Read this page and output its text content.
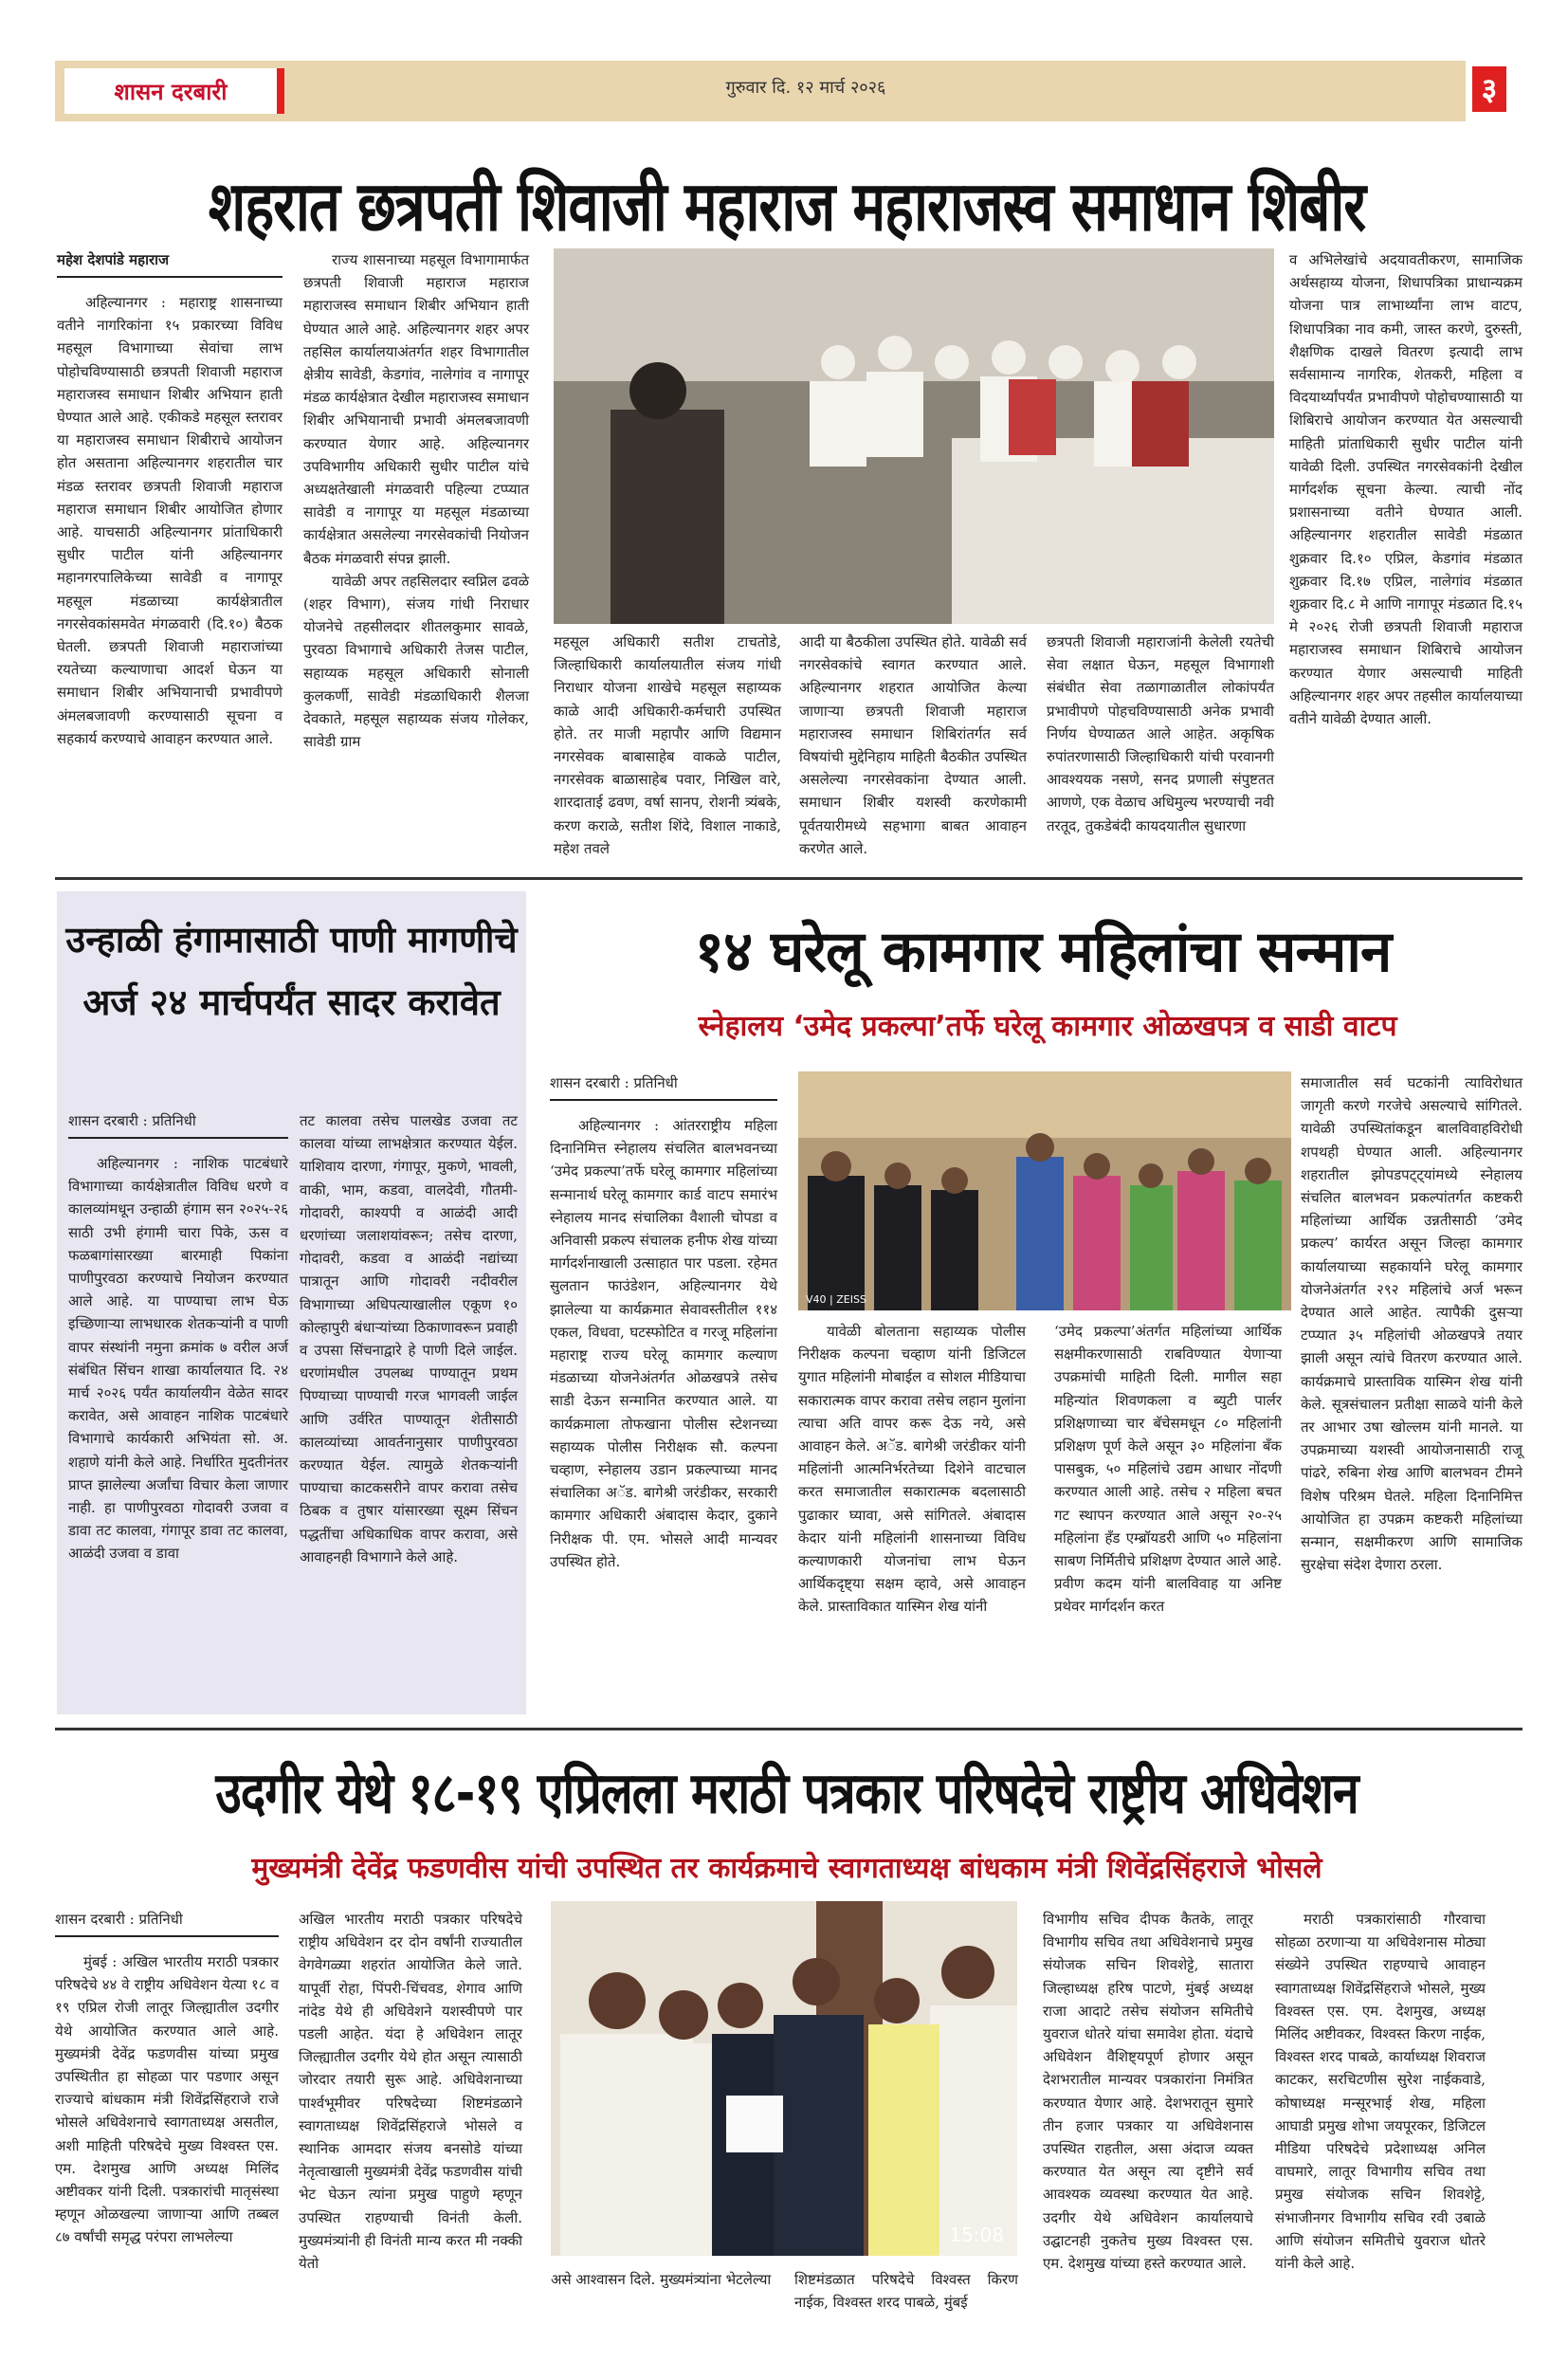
शासन दरबारी	गुरुवार दि. १२ मार्च २०२६	३
शहरात छत्रपती शिवाजी महाराज महाराजस्व समाधान शिबीर
महेश देशपांडे महाराज

अहिल्यानगर : महाराष्ट्र शासनाच्या वतीने नागरिकांना १५ प्रकारच्या विविध महसूल विभागाच्या सेवांचा लाभ पोहोचविण्यासाठी छत्रपती शिवाजी महाराज महाराजस्व समाधान शिबीर अभियान हाती घेण्यात आले आहे. एकीकडे महसूल स्तरावर या महाराजस्व समाधान शिबीराचे आयोजन होत असताना अहिल्यानगर शहरातील चार मंडळ स्तरावर छत्रपती शिवाजी महाराज महाराज समाधान शिबीर आयोजित होणार आहे. याचसाठी अहिल्यानगर प्रांताधिकारी सुधीर पाटील यांनी अहिल्यानगर महानगरपालिकेच्या सावेडी व नागापूर महसूल मंडळाच्या कार्यक्षेत्रातील नगरसेवकांसमवेत मंगळवारी (दि.१०) बैठक घेतली. छत्रपती शिवाजी महाराजांच्या रयतेच्या कल्याणाचा आदर्श घेऊन या समाधान शिबीर अभियानाची प्रभावीपणे अंमलबजावणी करण्यासाठी सूचना व सहकार्य करण्याचे आवाहन करण्यात आले.

राज्य शासनाच्या महसूल विभागामार्फत छत्रपती शिवाजी महाराज महाराज महाराजस्व समाधान शिबीर अभियान हाती घेण्यात आले आहे. अहिल्यानगर शहर अपर तहसिल कार्यालयाअंतर्गत शहर विभागातील क्षेत्रीय सावेडी, केडगांव, नालेगांव व नागापूर मंडळ कार्यक्षेत्रात देखील महाराजस्व समाधान शिबीर अभियानाची प्रभावी अंमलबजावणी करण्यात येणार आहे. अहिल्यानगर उपविभागीय अधिकारी सुधीर पाटील यांचे अध्यक्षतेखाली मंगळवारी पहिल्या टप्प्यात सावेडी व नागापूर या महसूल मंडळाच्या कार्यक्षेत्रात असलेल्या नगरसेवकांची नियोजन बैठक मंगळवारी संपन्न झाली.

यावेळी अपर तहसिलदार स्वप्निल ढवळे (शहर विभाग), संजय गांधी निराधार योजनेचे तहसीलदार शीतलकुमार सावळे, पुरवठा विभागाचे अधिकारी तेजस पाटील, सहाय्यक महसूल अधिकारी सोनाली कुलकर्णी, सावेडी मंडळाधिकारी शैलजा देवकाते, महसूल सहाय्यक संजय गोलेकर, सावेडी ग्राम

महसूल अधिकारी सतीश टाचतोडे, जिल्हाधिकारी कार्यालयातील संजय गांधी निराधार योजना शाखेचे महसूल सहाय्यक काळे आदी अधिकारी-कर्मचारी उपस्थित होते. तर माजी महापौर आणि विद्यमान नगरसेवक बाबासाहेब वाकळे पाटील, नगरसेवक बाळासाहेब पवार, निखिल वारे, शारदाताई ढवण, वर्षा सानप, रोशनी त्र्यंबके, करण कराळे, सतीश शिंदे, विशाल नाकाडे, महेश तवले

आदी या बैठकीला उपस्थित होते. यावेळी सर्व नगरसेवकांचे स्वागत करण्यात आले. अहिल्यानगर शहरात आयोजित केल्या जाणाऱ्या छत्रपती शिवाजी महाराज महाराजस्व समाधान शिबिरांतर्गत सर्व विषयांची मुद्देनिहाय माहिती बैठकीत उपस्थित असलेल्या नगरसेवकांना देण्यात आली. समाधान शिबीर यशस्वी करणेकामी पूर्वतयारीमध्ये सहभागा बाबत आवाहन करणेत आले.

छत्रपती शिवाजी महाराजांनी केलेली रयतेची सेवा लक्षात घेऊन, महसूल विभागाशी संबंधीत सेवा तळागाळातील लोकांपर्यंत प्रभावीपणे पोहचविण्यासाठी अनेक प्रभावी निर्णय घेण्याळत आले आहेत. अकृषिक रुपांतरणासाठी जिल्हाधिकारी यांची परवानगी आवश्ययक नसणे, सनद प्रणाली संपुष्टतत आणणे, एक वेळाच अधिमुल्य भरण्याची नवी तरतूद, तुकडेबंदी कायदयातील सुधारणा

व अभिलेखांचे अदयावतीकरण, सामाजिक अर्थसहाय्य योजना, शिधापत्रिका प्राधान्यक्रम योजना पात्र लाभार्थ्यांना लाभ वाटप, शिधापत्रिका नाव कमी, जास्त करणे, दुरुस्ती, शैक्षणिक दाखले वितरण इत्यादी लाभ सर्वसामान्य नागरिक, शेतकरी, महिला व विदयार्थ्यांपर्यंत प्रभावीपणे पोहोचण्याासाठी या शिबिराचे आयोजन करण्यात येत असल्याची माहिती प्रांताधिकारी सुधीर पाटील यांनी यावेळी दिली. उपस्थित नगरसेवकांनी देखील मार्गदर्शक सूचना केल्या. त्याची नोंद प्रशासनाच्या वतीने घेण्यात आली. अहिल्यानगर शहरातील सावेडी मंडळात शुक्रवार दि.१० एप्रिल, केडगांव मंडळात शुक्रवार दि.१७ एप्रिल, नालेगांव मंडळात शुक्रवार दि.८ मे आणि नागापूर मंडळात दि.१५ मे २०२६ रोजी छत्रपती शिवाजी महाराज महाराजस्व समाधान शिबिराचे आयोजन करण्यात येणार असल्याची माहिती अहिल्यानगर शहर अपर तहसील कार्यालयाच्या वतीने यावेळी देण्यात आली.

उन्हाळी हंगामासाठी पाणी मागणीचे अर्ज २४ मार्चपर्यंत सादर करावेत
शासन दरबारी : प्रतिनिधी

अहिल्यानगर : नाशिक पाटबंधारे विभागाच्या कार्यक्षेत्रातील विविध धरणे व कालव्यांमधून उन्हाळी हंगाम सन २०२५-२६ साठी उभी हंगामी चारा पिके, ऊस व फळबागांसारख्या बारमाही पिकांना पाणीपुरवठा करण्याचे नियोजन करण्यात आले आहे. या पाण्याचा लाभ घेऊ इच्छिणाऱ्या लाभधारक शेतकऱ्यांनी व पाणी वापर संस्थांनी नमुना क्रमांक ७ वरील अर्ज संबंधित सिंचन शाखा कार्यालयात दि. २४ मार्च २०२६ पर्यंत कार्यालयीन वेळेत सादर करावेत, असे आवाहन नाशिक पाटबंधारे विभागाचे कार्यकारी अभियंता सो. अ. शहाणे यांनी केले आहे. निर्धारित मुदतीनंतर प्राप्त झालेल्या अर्जांचा विचार केला जाणार नाही. हा पाणीपुरवठा गोदावरी उजवा व डावा तट कालवा, गंगापूर डावा तट कालवा, आळंदी उजवा व डावा

तट कालवा तसेच पालखेड उजवा तट कालवा यांच्या लाभक्षेत्रात करण्यात येईल. याशिवाय दारणा, गंगापूर, मुकणे, भावली, वाकी, भाम, कडवा, वालदेवी, गौतमी-गोदावरी, काश्यपी व आळंदी आदी धरणांच्या जलाशयांवरून; तसेच दारणा, गोदावरी, कडवा व आळंदी नद्यांच्या पात्रातून आणि गोदावरी नदीवरील विभागाच्या अधिपत्याखालील एकूण १० कोल्हापुरी बंधाऱ्यांच्या ठिकाणावरून प्रवाही व उपसा सिंचनाद्वारे हे पाणी दिले जाईल. धरणांमधील उपलब्ध पाण्यातून प्रथम पिण्याच्या पाण्याची गरज भागवली जाईल आणि उर्वरित पाण्यातून शेतीसाठी कालव्यांच्या आवर्तनानुसार पाणीपुरवठा करण्यात येईल. त्यामुळे शेतकऱ्यांनी पाण्याचा काटकसरीने वापर करावा तसेच ठिबक व तुषार यांसारख्या सूक्ष्म सिंचन पद्धतींचा अधिकाधिक वापर करावा, असे आवाहनही विभागाने केले आहे.

१४ घरेलू कामगार महिलांचा सन्मान
स्नेहालय ‘उमेद प्रकल्पा’तर्फे घरेलू कामगार ओळखपत्र व साडी वाटप
शासन दरबारी : प्रतिनिधी

अहिल्यानगर : आंतरराष्ट्रीय महिला दिनानिमित्त स्नेहालय संचलित बालभवनच्या ‘उमेद प्रकल्पा’तर्फे घरेलू कामगार महिलांच्या सन्मानार्थ घरेलू कामगार कार्ड वाटप समारंभ स्नेहालय मानद संचालिका वैशाली चोपडा व अनिवासी प्रकल्प संचालक हनीफ शेख यांच्या मार्गदर्शनाखाली उत्साहात पार पडला. रहेमत सुलतान फाउंडेशन, अहिल्यानगर येथे झालेल्या या कार्यक्रमात सेवावस्तीतील ११४ एकल, विधवा, घटस्फोटित व गरजू महिलांना महाराष्ट्र राज्य घरेलू कामगार कल्याण मंडळाच्या योजनेअंतर्गत ओळखपत्रे तसेच साडी देऊन सन्मानित करण्यात आले. या कार्यक्रमाला तोफखाना पोलीस स्टेशनच्या सहाय्यक पोलीस निरीक्षक सौ. कल्पना चव्हाण, स्नेहालय उडान प्रकल्पाच्या मानद संचालिका अॅड. बागेश्री जरंडीकर, सरकारी कामगार अधिकारी अंबादास केदार, दुकाने निरीक्षक पी. एम. भोसले आदी मान्यवर उपस्थित होते.

V40 | ZEISS

यावेळी बोलताना सहाय्यक पोलीस निरीक्षक कल्पना चव्हाण यांनी डिजिटल युगात महिलांनी मोबाईल व सोशल मीडियाचा सकारात्मक वापर करावा तसेच लहान मुलांना त्याचा अति वापर करू देऊ नये, असे आवाहन केले. अॅड. बागेश्री जरंडीकर यांनी महिलांनी आत्मनिर्भरतेच्या दिशेने वाटचाल करत समाजातील सकारात्मक बदलासाठी पुढाकार घ्यावा, असे सांगितले. अंबादास केदार यांनी महिलांनी शासनाच्या विविध कल्याणकारी योजनांचा लाभ घेऊन आर्थिकदृष्ट्या सक्षम व्हावे, असे आवाहन केले. प्रास्ताविकात यास्मिन शेख यांनी

‘उमेद प्रकल्पा’अंतर्गत महिलांच्या आर्थिक सक्षमीकरणासाठी राबविण्यात येणाऱ्या उपक्रमांची माहिती दिली. मागील सहा महिन्यांत शिवणकला व ब्युटी पार्लर प्रशिक्षणाच्या चार बॅचेसमधून ८० महिलांनी प्रशिक्षण पूर्ण केले असून ३० महिलांना बँक पासबुक, ५० महिलांचे उद्यम आधार नोंदणी करण्यात आली आहे. तसेच २ महिला बचत गट स्थापन करण्यात आले असून २०-२५ महिलांना हँड एम्ब्रॉयडरी आणि ५० महिलांना साबण निर्मितीचे प्रशिक्षण देण्यात आले आहे. प्रवीण कदम यांनी बालविवाह या अनिष्ट प्रथेवर मार्गदर्शन करत

समाजातील सर्व घटकांनी त्याविरोधात जागृती करणे गरजेचे असल्याचे सांगितले. यावेळी उपस्थितांकडून बालविवाहविरोधी शपथही घेण्यात आली. अहिल्यानगर शहरातील झोपडपट्ट्यांमध्ये स्नेहालय संचलित बालभवन प्रकल्पांतर्गत कष्टकरी महिलांच्या आर्थिक उन्नतीसाठी ‘उमेद प्रकल्प’ कार्यरत असून जिल्हा कामगार कार्यालयाच्या सहकार्याने घरेलू कामगार योजनेअंतर्गत २९२ महिलांचे अर्ज भरून देण्यात आले आहेत. त्यापैकी दुसऱ्या टप्प्यात ३५ महिलांची ओळखपत्रे तयार झाली असून त्यांचे वितरण करण्यात आले. कार्यक्रमाचे प्रास्ताविक यास्मिन शेख यांनी केले. सूत्रसंचालन प्रतीक्षा साळवे यांनी केले तर आभार उषा खोल्लम यांनी मानले. या उपक्रमाच्या यशस्वी आयोजनासाठी राजू पांढरे, रुबिना शेख आणि बालभवन टीमने विशेष परिश्रम घेतले. महिला दिनानिमित्त आयोजित हा उपक्रम कष्टकरी महिलांच्या सन्मान, सक्षमीकरण आणि सामाजिक सुरक्षेचा संदेश देणारा ठरला.

उदगीर येथे १८-१९ एप्रिलला मराठी पत्रकार परिषदेचे राष्ट्रीय अधिवेशन
मुख्यमंत्री देवेंद्र फडणवीस यांची उपस्थित तर कार्यक्रमाचे स्वागताध्यक्ष बांधकाम मंत्री शिवेंद्रसिंहराजे भोसले
शासन दरबारी : प्रतिनिधी

मुंबई : अखिल भारतीय मराठी पत्रकार परिषदेचे ४४ वे राष्ट्रीय अधिवेशन येत्या १८ व १९ एप्रिल रोजी लातूर जिल्ह्यातील उदगीर येथे आयोजित करण्यात आले आहे. मुख्यमंत्री देवेंद्र फडणवीस यांच्या प्रमुख उपस्थितीत हा सोहळा पार पडणार असून राज्याचे बांधकाम मंत्री शिवेंद्रसिंहराजे राजे भोसले अधिवेशनाचे स्वागताध्यक्ष असतील, अशी माहिती परिषदेचे मुख्य विश्वस्त एस. एम. देशमुख आणि अध्यक्ष मिलिंद अष्टीवकर यांनी दिली. पत्रकारांची मातृसंस्था म्हणून ओळखल्या जाणाऱ्या आणि तब्बल ८७ वर्षांची समृद्ध परंपरा लाभलेल्या

अखिल भारतीय मराठी पत्रकार परिषदेचे राष्ट्रीय अधिवेशन दर दोन वर्षांनी राज्यातील वेगवेगळ्या शहरांत आयोजित केले जाते. यापूर्वी रोहा, पिंपरी-चिंचवड, शेगाव आणि नांदेड येथे ही अधिवेशने यशस्वीपणे पार पडली आहेत. यंदा हे अधिवेशन लातूर जिल्ह्यातील उदगीर येथे होत असून त्यासाठी जोरदार तयारी सुरू आहे. अधिवेशनाच्या पार्श्वभूमीवर परिषदेच्या शिष्टमंडळाने स्वागताध्यक्ष शिवेंद्रसिंहराजे भोसले व स्थानिक आमदार संजय बनसोडे यांच्या नेतृत्वाखाली मुख्यमंत्री देवेंद्र फडणवीस यांची भेट घेऊन त्यांना प्रमुख पाहुणे म्हणून उपस्थित राहण्याची विनंती केली. मुख्यमंत्र्यांनी ही विनंती मान्य करत मी नक्की येतो

15:08

असे आश्वासन दिले. मुख्यमंत्र्यांना भेटलेल्या शिष्टमंडळात परिषदेचे विश्वस्त किरण नाईक, विश्वस्त शरद पाबळे, मुंबई

विभागीय सचिव दीपक कैतके, लातूर विभागीय सचिव तथा अधिवेशनाचे प्रमुख संयोजक सचिन शिवशेट्टे, सातारा जिल्हाध्यक्ष हरिष पाटणे, मुंबई अध्यक्ष राजा आदाटे तसेच संयोजन समितीचे युवराज धोतरे यांचा समावेश होता. यंदाचे अधिवेशन वैशिष्ट्यपूर्ण होणार असून देशभरातील मान्यवर पत्रकारांना निमंत्रित करण्यात येणार आहे. देशभरातून सुमारे तीन हजार पत्रकार या अधिवेशनास उपस्थित राहतील, असा अंदाज व्यक्त करण्यात येत असून त्या दृष्टीने सर्व आवश्यक व्यवस्था करण्यात येत आहे. उदगीर येथे अधिवेशन कार्यालयाचे उद्घाटनही नुकतेच मुख्य विश्वस्त एस. एम. देशमुख यांच्या हस्ते करण्यात आले.

मराठी पत्रकारांसाठी गौरवाचा सोहळा ठरणाऱ्या या अधिवेशनास मोठ्या संख्येने उपस्थित राहण्याचे आवाहन स्वागताध्यक्ष शिवेंद्रसिंहराजे भोसले, मुख्य विश्वस्त एस. एम. देशमुख, अध्यक्ष मिलिंद अष्टीवकर, विश्वस्त किरण नाईक, विश्वस्त शरद पाबळे, कार्याध्यक्ष शिवराज काटकर, सरचिटणीस सुरेश नाईकवाडे, कोषाध्यक्ष मन्सूरभाई शेख, महिला आघाडी प्रमुख शोभा जयपूरकर, डिजिटल मीडिया परिषदेचे प्रदेशाध्यक्ष अनिल वाघमारे, लातूर विभागीय सचिव तथा प्रमुख संयोजक सचिन शिवशेट्टे, संभाजीनगर विभागीय सचिव रवी उबाळे आणि संयोजन समितीचे युवराज धोतरे यांनी केले आहे.
